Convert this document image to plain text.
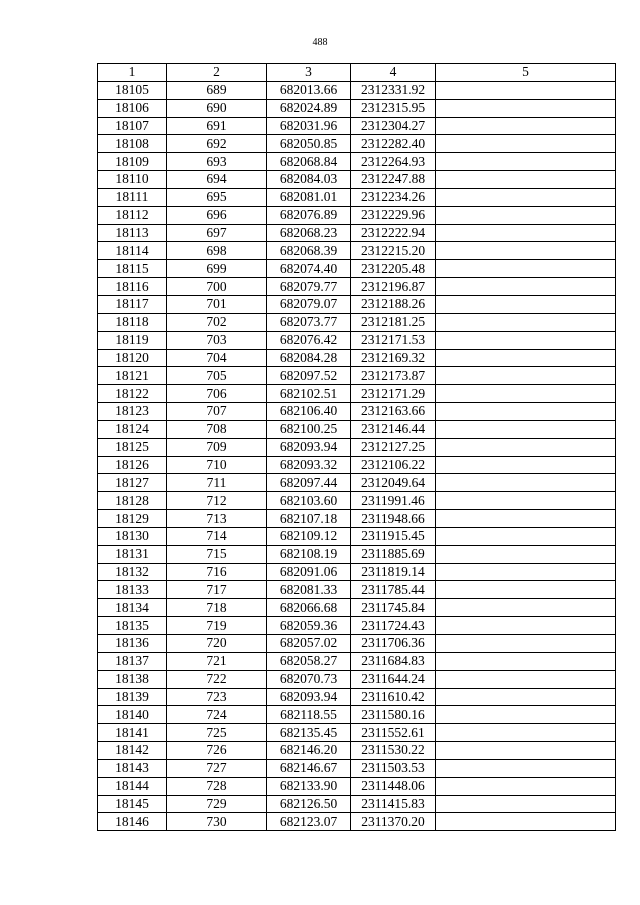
488
1	2	3	4	5
18105	689	682013.66	2312331.92	
18106	690	682024.89	2312315.95	
18107	691	682031.96	2312304.27	
18108	692	682050.85	2312282.40	
18109	693	682068.84	2312264.93	
18110	694	682084.03	2312247.88	
18111	695	682081.01	2312234.26	
18112	696	682076.89	2312229.96	
18113	697	682068.23	2312222.94	
18114	698	682068.39	2312215.20	
18115	699	682074.40	2312205.48	
18116	700	682079.77	2312196.87	
18117	701	682079.07	2312188.26	
18118	702	682073.77	2312181.25	
18119	703	682076.42	2312171.53	
18120	704	682084.28	2312169.32	
18121	705	682097.52	2312173.87	
18122	706	682102.51	2312171.29	
18123	707	682106.40	2312163.66	
18124	708	682100.25	2312146.44	
18125	709	682093.94	2312127.25	
18126	710	682093.32	2312106.22	
18127	711	682097.44	2312049.64	
18128	712	682103.60	2311991.46	
18129	713	682107.18	2311948.66	
18130	714	682109.12	2311915.45	
18131	715	682108.19	2311885.69	
18132	716	682091.06	2311819.14	
18133	717	682081.33	2311785.44	
18134	718	682066.68	2311745.84	
18135	719	682059.36	2311724.43	
18136	720	682057.02	2311706.36	
18137	721	682058.27	2311684.83	
18138	722	682070.73	2311644.24	
18139	723	682093.94	2311610.42	
18140	724	682118.55	2311580.16	
18141	725	682135.45	2311552.61	
18142	726	682146.20	2311530.22	
18143	727	682146.67	2311503.53	
18144	728	682133.90	2311448.06	
18145	729	682126.50	2311415.83	
18146	730	682123.07	2311370.20	
